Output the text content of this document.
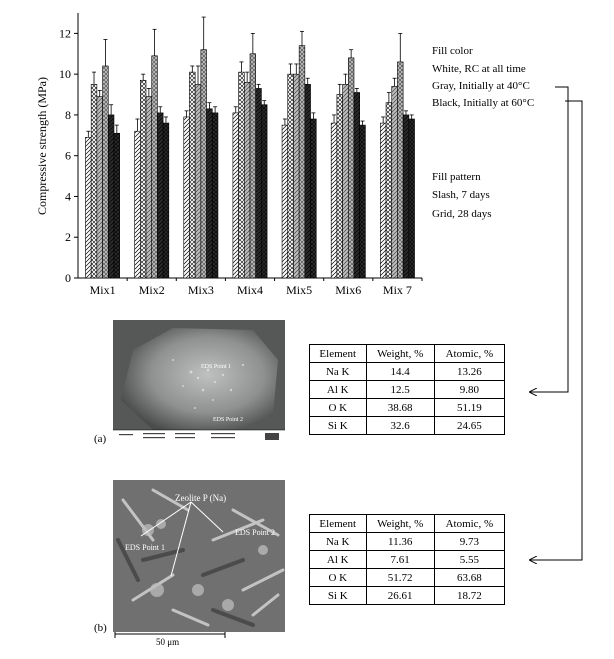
0
2
4
6
8
10
12
Compressive strength (MPa)
Mix1 Mix2 Mix3 Mix4 Mix5 Mix6 Mix 7
Fill color
White, RC at all time
Gray, Initially at 40°C
Black, Initially at 60°C
Fill pattern
Slash, 7 days
Grid, 28 days
EDS Point 1
EDS Point 2
(a)
Element	Weight, %	Atomic, %
Na K	14.4	13.26
Al K	12.5	9.80
O K	38.68	51.19
Si K	32.6	24.65
Zeolite P (Na)
EDS Point 1
EDS Point 2
(b)
50 μm
Element	Weight, %	Atomic, %
Na K	11.36	9.73
Al K	7.61	5.55
O K	51.72	63.68
Si K	26.61	18.72
